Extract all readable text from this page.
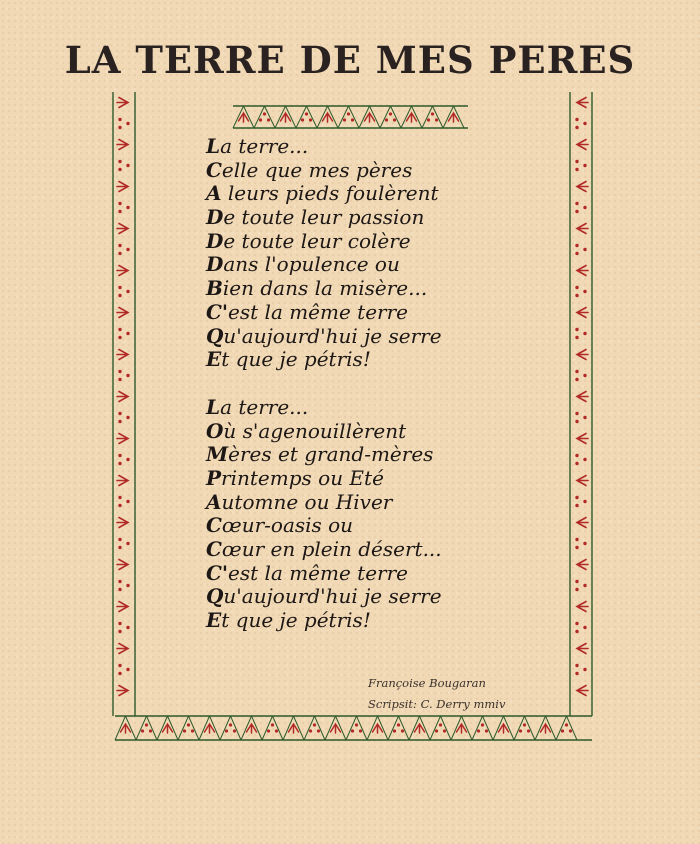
LA TERRE DE MES PERES
La terre...
Celle que mes pères
A leurs pieds foulèrent
De toute leur passion
De toute leur colère
Dans l'opulence ou
Bien dans la misère...
C'est la même terre
Qu'aujourd'hui je serre
Et que je pétris!
La terre...
Où s'agenouillèrent
Mères et grand-mères
Printemps ou Eté
Automne ou Hiver
Cœur-oasis ou
Cœur en plein désert...
C'est la même terre
Qu'aujourd'hui je serre
Et que je pétris!
Françoise Bougaran
Scripsit: C. Derry mmiv
